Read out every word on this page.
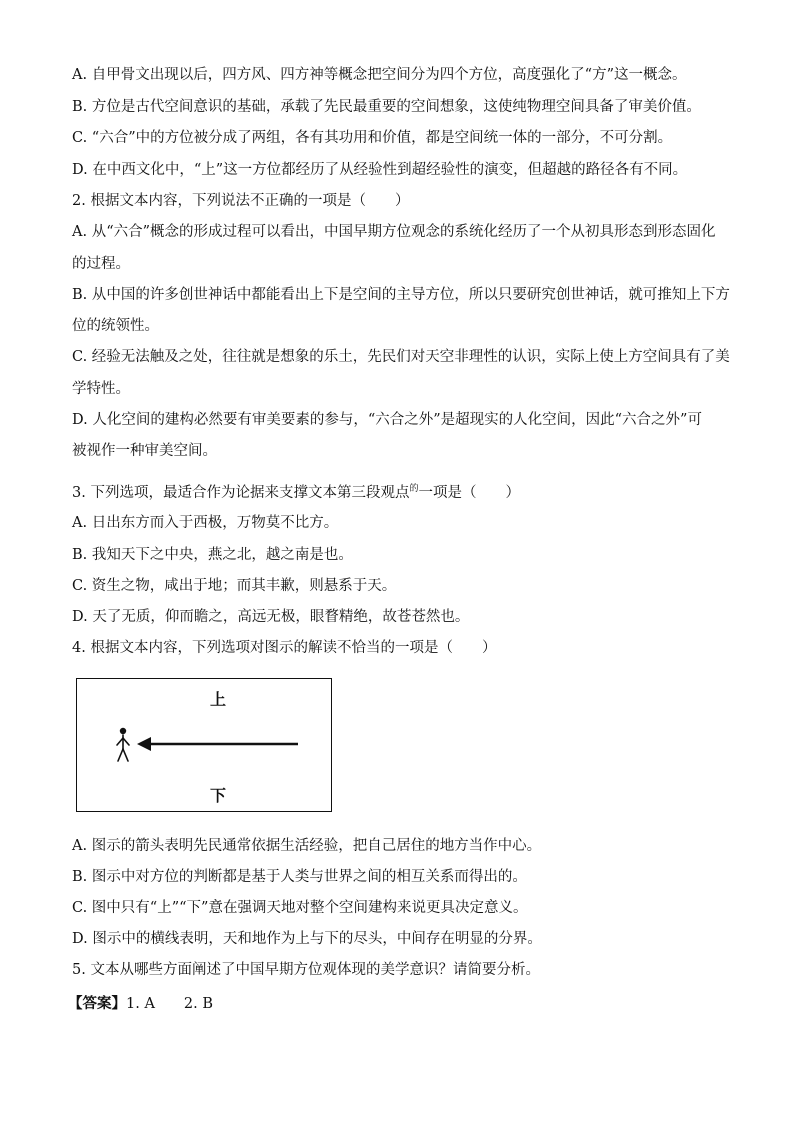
A. 自甲骨文出现以后，四方风、四方神等概念把空间分为四个方位，高度强化了“方”这一概念。
B. 方位是古代空间意识的基础，承载了先民最重要的空间想象，这使纯物理空间具备了审美价值。
C. “六合”中的方位被分成了两组，各有其功用和价值，都是空间统一体的一部分，不可分割。
D. 在中西文化中，“上”这一方位都经历了从经验性到超经验性的演变，但超越的路径各有不同。
2. 根据文本内容，下列说法不正确的一项是（　　）
A. 从“六合”概念的形成过程可以看出，中国早期方位观念的系统化经历了一个从初具形态到形态固化
的过程。
B. 从中国的许多创世神话中都能看出上下是空间的主导方位，所以只要研究创世神话，就可推知上下方
位的统领性。
C. 经验无法触及之处，往往就是想象的乐土，先民们对天空非理性的认识，实际上使上方空间具有了美
学特性。
D. 人化空间的建构必然要有审美要素的参与，“六合之外”是超现实的人化空间，因此“六合之外”可
被视作一种审美空间。
3. 下列选项，最适合作为论据来支撑文本第三段观点$^的$一项是（　　）
A. 日出东方而入于西极，万物莫不比方。
B. 我知天下之中央，燕之北，越之南是也。
C. 资生之物，咸出于地；而其丰歉，则悬系于天。
D. 天了无质，仰而瞻之，高远无极，眼瞀精绝，故苍苍然也。
4. 根据文本内容，下列选项对图示的解读不恰当的一项是（　　）
上
下
A. 图示的箭头表明先民通常依据生活经验，把自己居住的地方当作中心。
B. 图示中对方位的判断都是基于人类与世界之间的相互关系而得出的。
C. 图中只有“上”“下”意在强调天地对整个空间建构来说更具决定意义。
D. 图示中的横线表明，天和地作为上与下的尽头，中间存在明显的分界。
5. 文本从哪些方面阐述了中国早期方位观体现的美学意识？请简要分析。
【答案】1. A　　2. B
